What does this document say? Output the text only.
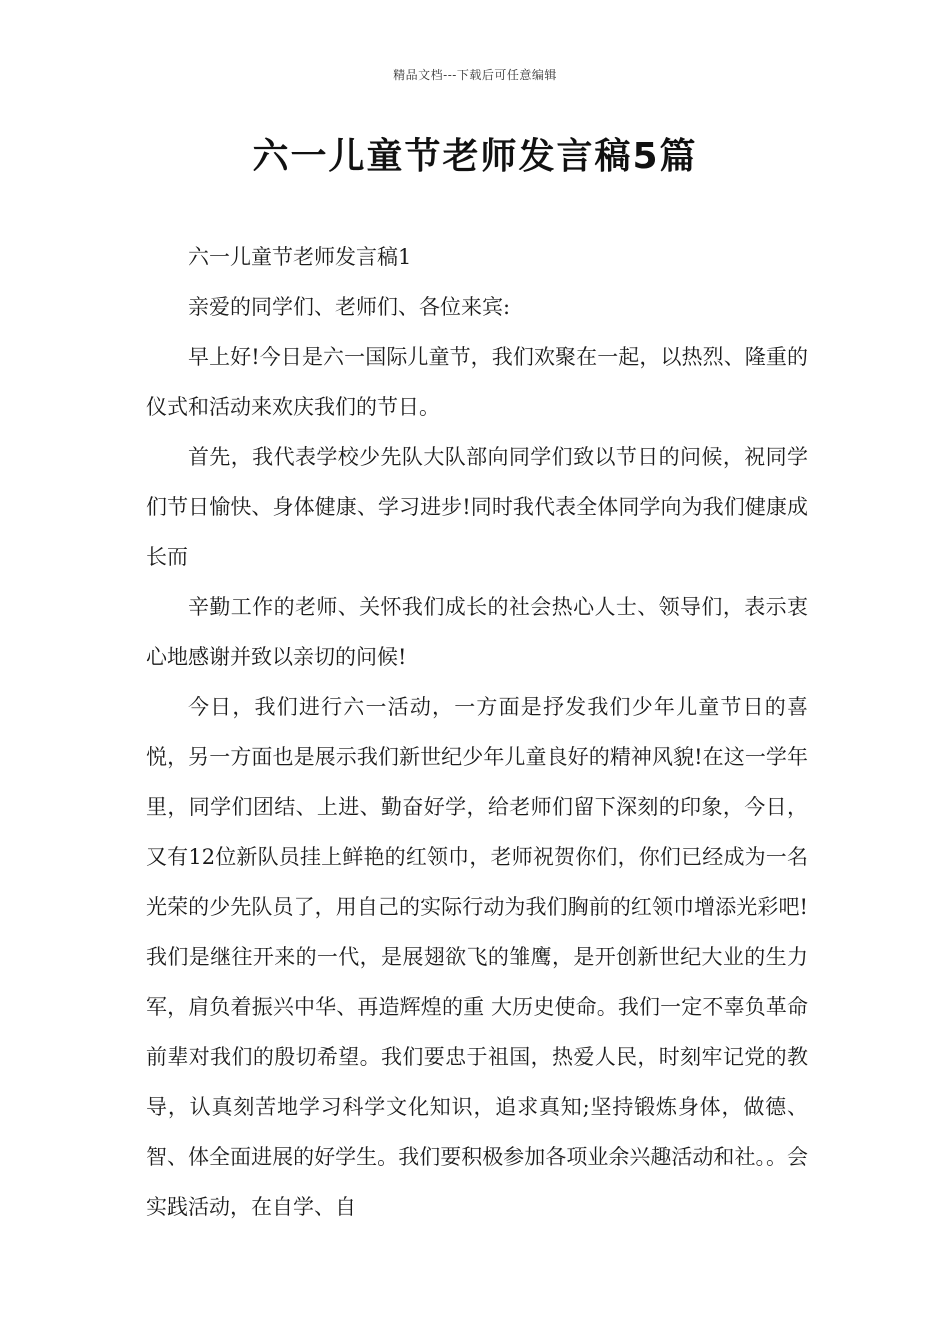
精品文档---下载后可任意编辑
六一儿童节老师发言稿5篇

六一儿童节老师发言稿1

亲爱的同学们、老师们、各位来宾:

早上好!今日是六一国际儿童节，我们欢聚在一起，以热烈、隆重的仪式和活动来欢庆我们的节日。

首先，我代表学校少先队大队部向同学们致以节日的问候，祝同学们节日愉快、身体健康、学习进步!同时我代表全体同学向为我们健康成长而

辛勤工作的老师、关怀我们成长的社会热心人士、领导们，表示衷心地感谢并致以亲切的问候!

今日，我们进行六一活动，一方面是抒发我们少年儿童节日的喜悦，另一方面也是展示我们新世纪少年儿童良好的精神风貌!在这一学年里，同学们团结、上进、勤奋好学，给老师们留下深刻的印象，今日，又有12位新队员挂上鲜艳的红领巾，老师祝贺你们，你们已经成为一名光荣的少先队员了，用自己的实际行动为我们胸前的红领巾增添光彩吧!我们是继往开来的一代，是展翅欲飞的雏鹰，是开创新世纪大业的生力军，肩负着振兴中华、再造辉煌的重 大历史使命。我们一定不辜负革命前辈对我们的殷切希望。我们要忠于祖国，热爱人民，时刻牢记党的教导，认真刻苦地学习科学文化知识，追求真知;坚持锻炼身体，做德、智、体全面进展的好学生。我们要积极参加各项业余兴趣活动和社。。会实践活动，在自学、自
